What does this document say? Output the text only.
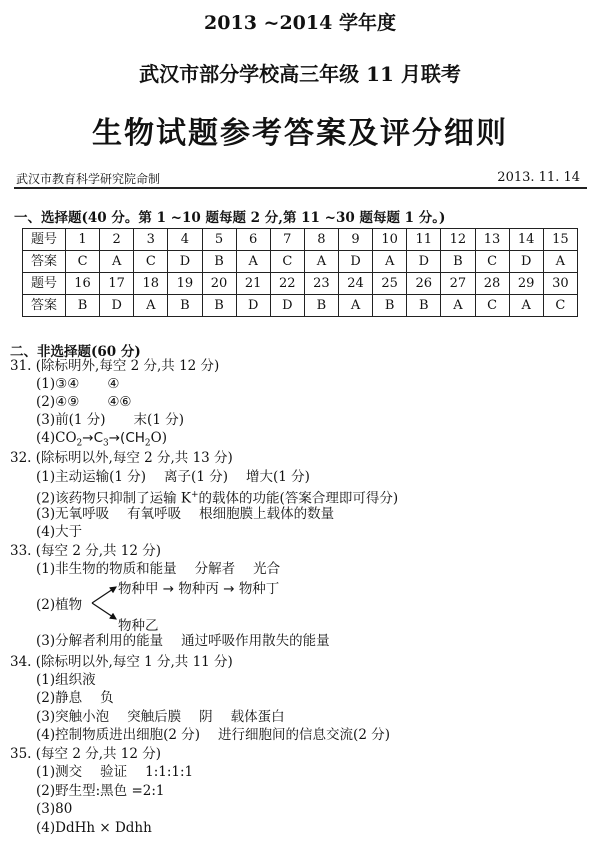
2013 ~2014 学年度
武汉市部分学校高三年级 11 月联考
生物试题参考答案及评分细则
武汉市教育科学研究院命制	2013. 11. 14
一、选择题(40 分。第 1 ~10 题每题 2 分,第 11 ~30 题每题 1 分。)
题号	1	2	3	4	5	6	7	8	9	10	11	12	13	14	15
答案	C	A	C	D	B	A	C	A	D	A	D	B	C	D	A
题号	16	17	18	19	20	21	22	23	24	25	26	27	28	29	30
答案	B	D	A	B	B	D	D	B	A	B	B	A	C	A	C
二、非选择题(60 分)
31. (除标明外,每空 2 分,共 12 分)
(1)③④ ④
(2)④⑨ ④⑥
(3)前(1 分) 末(1 分)
$(4)CO_2\to C_3\to(CH_2O)$
32. (除标明以外,每空 2 分,共 13 分)
(1)主动运输(1 分) 离子(1 分) 增大(1 分)
(2)该药物只抑制了运输 K+的载体的功能(答案合理即可得分)
(3)无氧呼吸 有氧呼吸 根细胞膜上载体的数量
(4)大于
33. (每空 2 分,共 12 分)
(1)非生物的物质和能量 分解者 光合
(2)植物
物种甲 → 物种丙 → 物种丁
物种乙
(3)分解者利用的能量 通过呼吸作用散失的能量
34. (除标明以外,每空 1 分,共 11 分)
(1)组织液
(2)静息 负
(3)突触小泡 突触后膜 阴 载体蛋白
(4)控制物质进出细胞(2 分) 进行细胞间的信息交流(2 分)
35. (每空 2 分,共 12 分)
(1)测交 验证 1:1:1:1
(2)野生型:黑色 =2:1
(3)80
(4)DdHh × Ddhh
